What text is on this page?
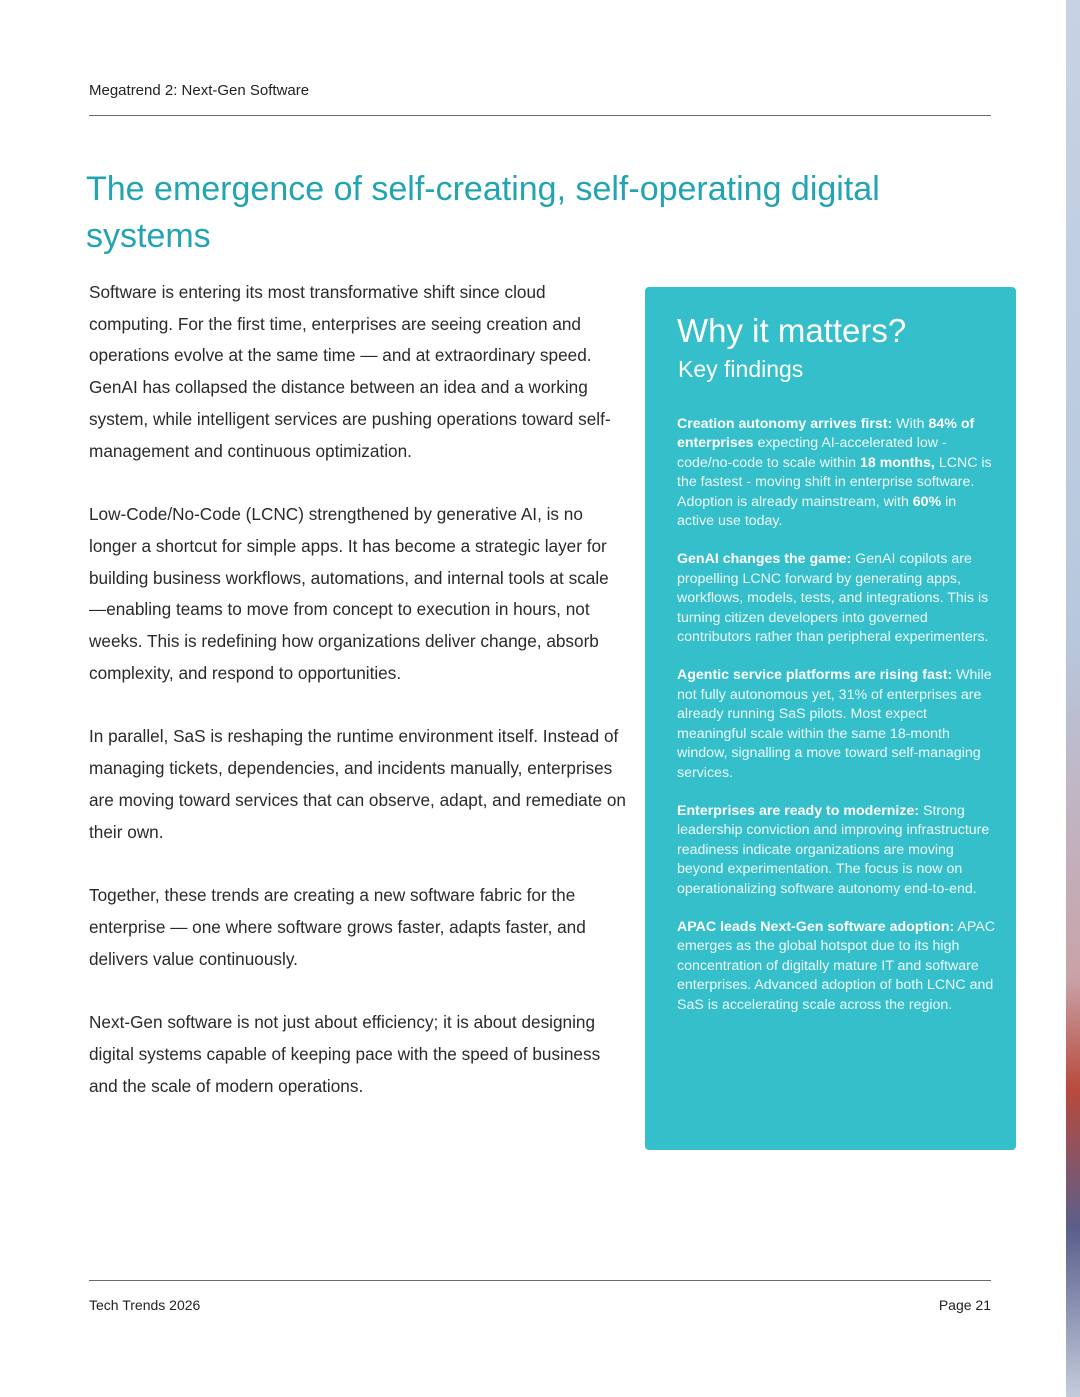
Megatrend 2: Next-Gen Software
The emergence of self-creating, self-operating digital systems

Software is entering its most transformative shift since cloud computing. For the first time, enterprises are seeing creation and operations evolve at the same time — and at extraordinary speed. GenAI has collapsed the distance between an idea and a working system, while intelligent services are pushing operations toward self-management and continuous optimization.

Low-Code/No-Code (LCNC) strengthened by generative AI, is no longer a shortcut for simple apps. It has become a strategic layer for building business workflows, automations, and internal tools at scale —enabling teams to move from concept to execution in hours, not weeks. This is redefining how organizations deliver change, absorb complexity, and respond to opportunities.

In parallel, SaS is reshaping the runtime environment itself. Instead of managing tickets, dependencies, and incidents manually, enterprises are moving toward services that can observe, adapt, and remediate on their own.

Together, these trends are creating a new software fabric for the enterprise — one where software grows faster, adapts faster, and delivers value continuously.

Next-Gen software is not just about efficiency; it is about designing digital systems capable of keeping pace with the speed of business and the scale of modern operations.

Why it matters?
Key findings

Creation autonomy arrives first: With 84% of enterprises expecting AI-accelerated low - code/no-code to scale within 18 months, LCNC is the fastest - moving shift in enterprise software. Adoption is already mainstream, with 60% in active use today.

GenAI changes the game: GenAI copilots are propelling LCNC forward by generating apps, workflows, models, tests, and integrations. This is turning citizen developers into governed contributors rather than peripheral experimenters.

Agentic service platforms are rising fast: While not fully autonomous yet, 31% of enterprises are already running SaS pilots. Most expect meaningful scale within the same 18-month window, signalling a move toward self-managing services.

Enterprises are ready to modernize: Strong leadership conviction and improving infrastructure readiness indicate organizations are moving beyond experimentation. The focus is now on operationalizing software autonomy end-to-end.

APAC leads Next-Gen software adoption: APAC emerges as the global hotspot due to its high concentration of digitally mature IT and software enterprises. Advanced adoption of both LCNC and SaS is accelerating scale across the region.

Tech Trends 2026	Page 21
